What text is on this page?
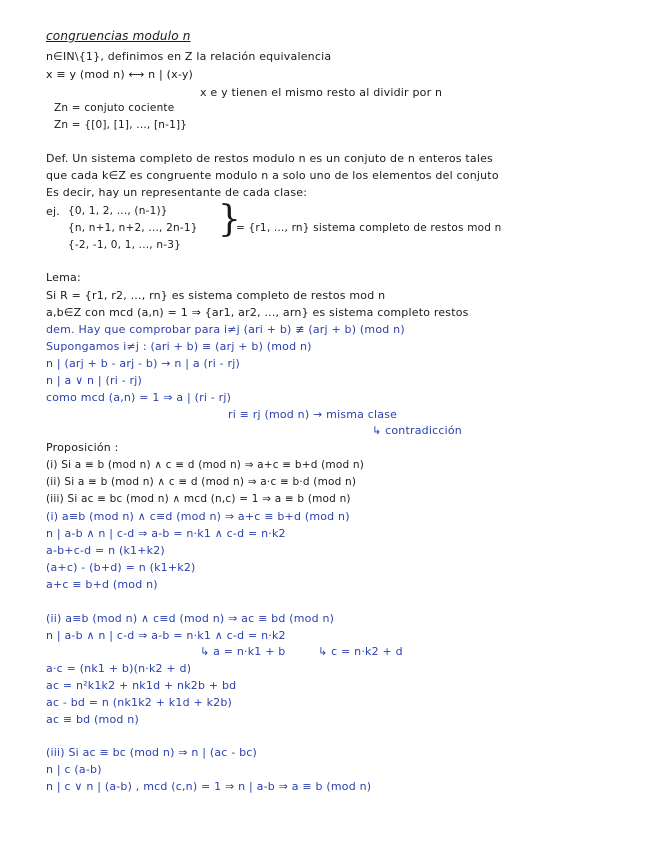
congruencias modulo n
n∈IN\{1}, definimos en Z la relación equivalencia
x ≡ y (mod n) ⟷ n | (x-y)
x e y tienen el mismo resto al dividir por n
Zn = conjuto cociente
Zn = {[0], [1], ..., [n-1]}
Def. Un sistema completo de restos modulo n es un conjuto de n enteros tales
que cada k∈Z es congruente modulo n a solo uno de los elementos del conjuto
Es decir, hay un representante de cada clase:
ej. {0, 1, 2, ..., (n-1)}
{n, n+1, n+2, ..., 2n-1}
{-2, -1, 0, 1, ..., n-3}
}
= {r1, ..., rn} sistema completo de restos mod n
Lema:
Si R = {r1, r2, ..., rn} es sistema completo de restos mod n
a,b∈Z con mcd (a,n) = 1 ⇒ {ar1, ar2, ..., arn} es sistema completo restos
dem. Hay que comprobar para i≠j (ari + b) ≢ (arj + b) (mod n)
Supongamos i≠j : (ari + b) ≡ (arj + b) (mod n)
n | (arj + b - arj - b) → n | a (ri - rj)
n | a ∨ n | (ri - rj)
como mcd (a,n) = 1 ⇒ a | (ri - rj)
ri ≡ rj (mod n) → misma clase
↳ contradicción
Proposición :
(i) Si a ≡ b (mod n) ∧ c ≡ d (mod n) ⇒ a+c ≡ b+d (mod n)
(ii) Si a ≡ b (mod n) ∧ c ≡ d (mod n) ⇒ a·c ≡ b·d (mod n)
(iii) Si ac ≡ bc (mod n) ∧ mcd (n,c) = 1 ⇒ a ≡ b (mod n)
(i) a≡b (mod n) ∧ c≡d (mod n) ⇒ a+c ≡ b+d (mod n)
n | a-b ∧ n | c-d ⇒ a-b = n·k1 ∧ c-d = n·k2
a-b+c-d = n (k1+k2)
(a+c) - (b+d) = n (k1+k2)
a+c ≡ b+d (mod n)
(ii) a≡b (mod n) ∧ c≡d (mod n) ⇒ ac ≡ bd (mod n)
n | a-b ∧ n | c-d ⇒ a-b = n·k1 ∧ c-d = n·k2
↳ a = n·k1 + b	↳ c = n·k2 + d
a·c = (nk1 + b)(n·k2 + d)
ac = n²k1k2 + nk1d + nk2b + bd
ac - bd = n (nk1k2 + k1d + k2b)
ac ≡ bd (mod n)
(iii) Si ac ≡ bc (mod n) ⇒ n | (ac - bc)
n | c (a-b)
n | c ∨ n | (a-b) , mcd (c,n) = 1 ⇒ n | a-b ⇒ a ≡ b (mod n)
